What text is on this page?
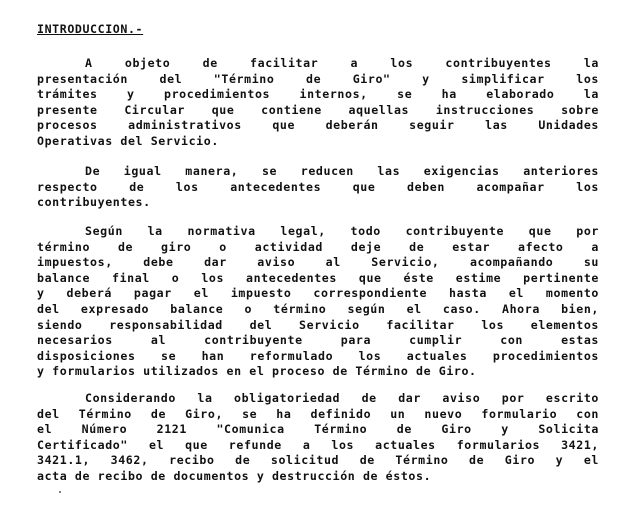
INTRODUCCION.-
A objeto de facilitar a los contribuyentes la
presentación del "Término de Giro" y simplificar los
trámites y procedimientos internos, se ha elaborado la
presente Circular que contiene aquellas instrucciones sobre
procesos administrativos que deberán seguir las Unidades
Operativas del Servicio.
De igual manera, se reducen las exigencias anteriores
respecto de los antecedentes que deben acompañar los
contribuyentes.
Según la normativa legal, todo contribuyente que por
término de giro o actividad deje de estar afecto a
impuestos, debe dar aviso al Servicio, acompañando su
balance final o los antecedentes que éste estime pertinente
y deberá pagar el impuesto correspondiente hasta el momento
del expresado balance o término según el caso. Ahora bien,
siendo responsabilidad del Servicio facilitar los elementos
necesarios al contribuyente para cumplir con estas
disposiciones se han reformulado los actuales procedimientos
y formularios utilizados en el proceso de Término de Giro.
Considerando la obligatoriedad de dar aviso por escrito
del Término de Giro, se ha definido un nuevo formulario con
el Número 2121 "Comunica Término de Giro y Solicita
Certificado" el que refunde a los actuales formularios 3421,
3421.1, 3462, recibo de solicitud de Término de Giro y el
acta de recibo de documentos y destrucción de éstos.
